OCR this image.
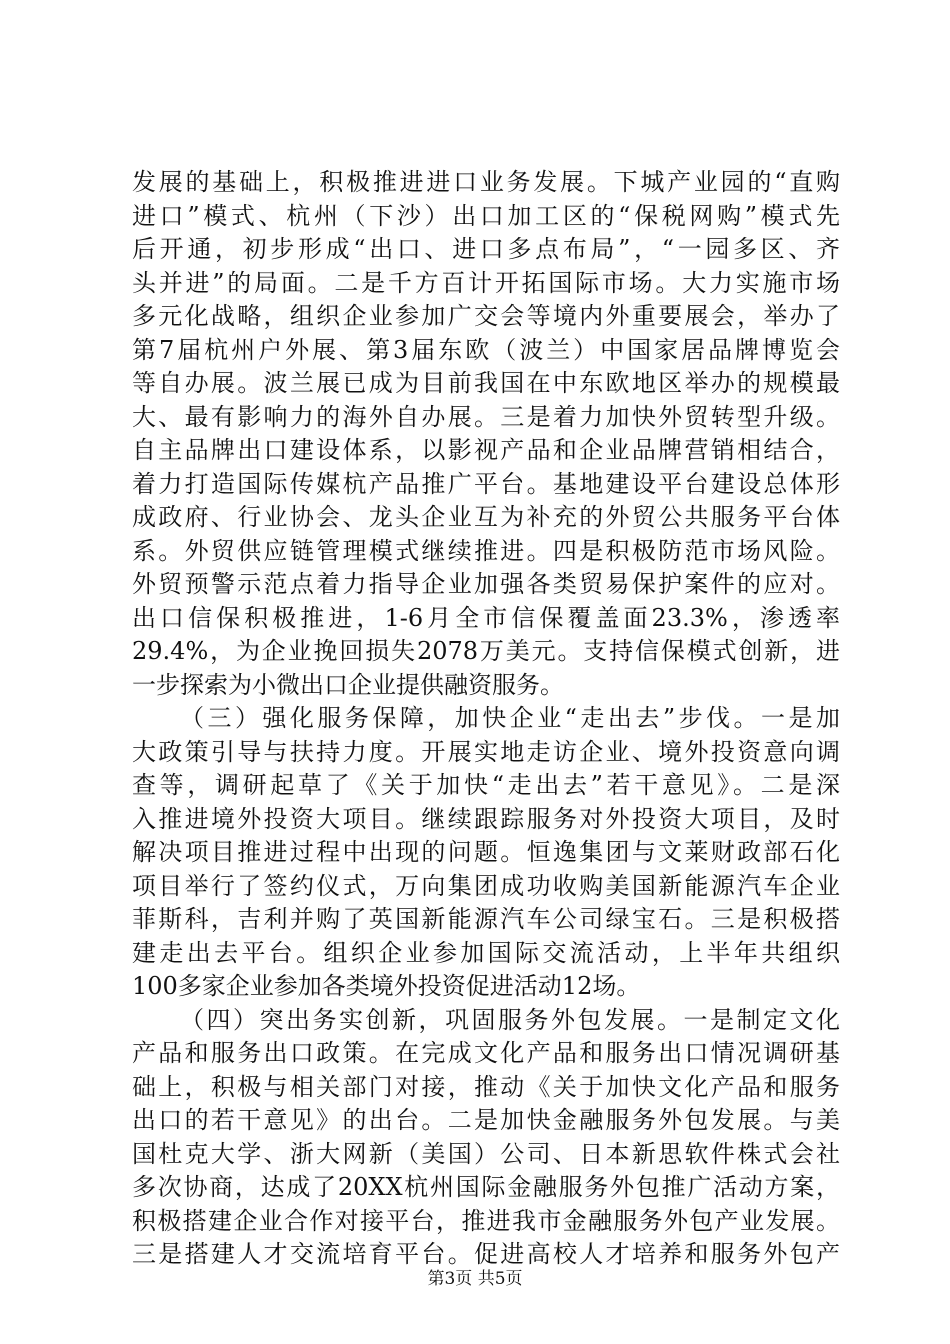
发展的基础上，积极推进进口业务发展。下城产业园的“直购
进口”模式、杭州（下沙）出口加工区的“保税网购”模式先
后开通，初步形成“出口、进口多点布局”，“一园多区、齐
头并进”的局面。二是千方百计开拓国际市场。大力实施市场
多元化战略，组织企业参加广交会等境内外重要展会，举办了
第7届杭州户外展、第3届东欧（波兰）中国家居品牌博览会
等自办展。波兰展已成为目前我国在中东欧地区举办的规模最
大、最有影响力的海外自办展。三是着力加快外贸转型升级。
自主品牌出口建设体系，以影视产品和企业品牌营销相结合，
着力打造国际传媒杭产品推广平台。基地建设平台建设总体形
成政府、行业协会、龙头企业互为补充的外贸公共服务平台体
系。外贸供应链管理模式继续推进。四是积极防范市场风险。
外贸预警示范点着力指导企业加强各类贸易保护案件的应对。
出口信保积极推进，1-6月全市信保覆盖面23.3%，渗透率
29.4%，为企业挽回损失2078万美元。支持信保模式创新，进
一步探索为小微出口企业提供融资服务。
（三）强化服务保障，加快企业“走出去”步伐。一是加
大政策引导与扶持力度。开展实地走访企业、境外投资意向调
查等，调研起草了《关于加快“走出去”若干意见》。二是深
入推进境外投资大项目。继续跟踪服务对外投资大项目，及时
解决项目推进过程中出现的问题。恒逸集团与文莱财政部石化
项目举行了签约仪式，万向集团成功收购美国新能源汽车企业
菲斯科，吉利并购了英国新能源汽车公司绿宝石。三是积极搭
建走出去平台。组织企业参加国际交流活动，上半年共组织
100多家企业参加各类境外投资促进活动12场。
（四）突出务实创新，巩固服务外包发展。一是制定文化
产品和服务出口政策。在完成文化产品和服务出口情况调研基
础上，积极与相关部门对接，推动《关于加快文化产品和服务
出口的若干意见》的出台。二是加快金融服务外包发展。与美
国杜克大学、浙大网新（美国）公司、日本新思软件株式会社
多次协商，达成了20XX杭州国际金融服务外包推广活动方案，
积极搭建企业合作对接平台，推进我市金融服务外包产业发展。
三是搭建人才交流培育平台。促进高校人才培养和服务外包产
第3页 共5页
